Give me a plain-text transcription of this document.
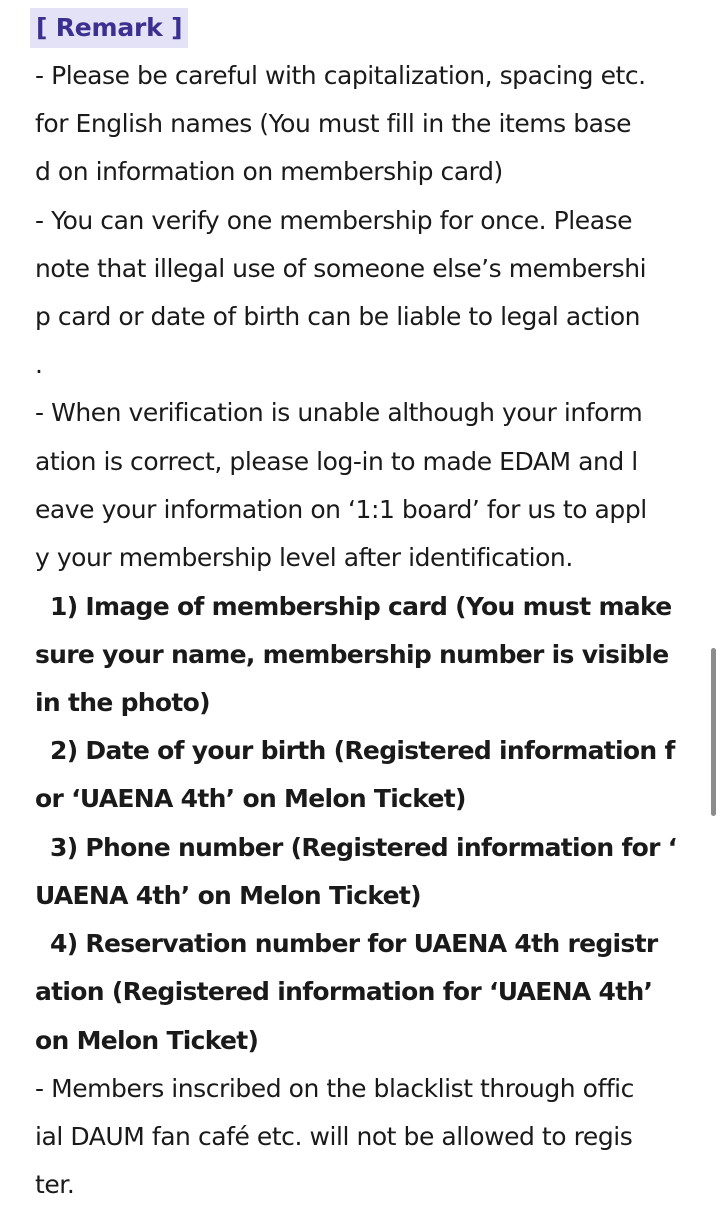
[ Remark ]
- Please be careful with capitalization, spacing etc.
for English names (You must fill in the items base
d on information on membership card)
- You can verify one membership for once. Please
note that illegal use of someone else’s membershi
p card or date of birth can be liable to legal action
.
- When verification is unable although your inform
ation is correct, please log-in to made EDAM and l
eave your information on ‘1:1 board’ for us to appl
y your membership level after identification.
1) Image of membership card (You must make
sure your name, membership number is visible
in the photo)
2) Date of your birth (Registered information f
or ‘UAENA 4th’ on Melon Ticket)
3) Phone number (Registered information for ‘
UAENA 4th’ on Melon Ticket)
4) Reservation number for UAENA 4th registr
ation (Registered information for ‘UAENA 4th’
on Melon Ticket)
- Members inscribed on the blacklist through offic
ial DAUM fan café etc. will not be allowed to regis
ter.
